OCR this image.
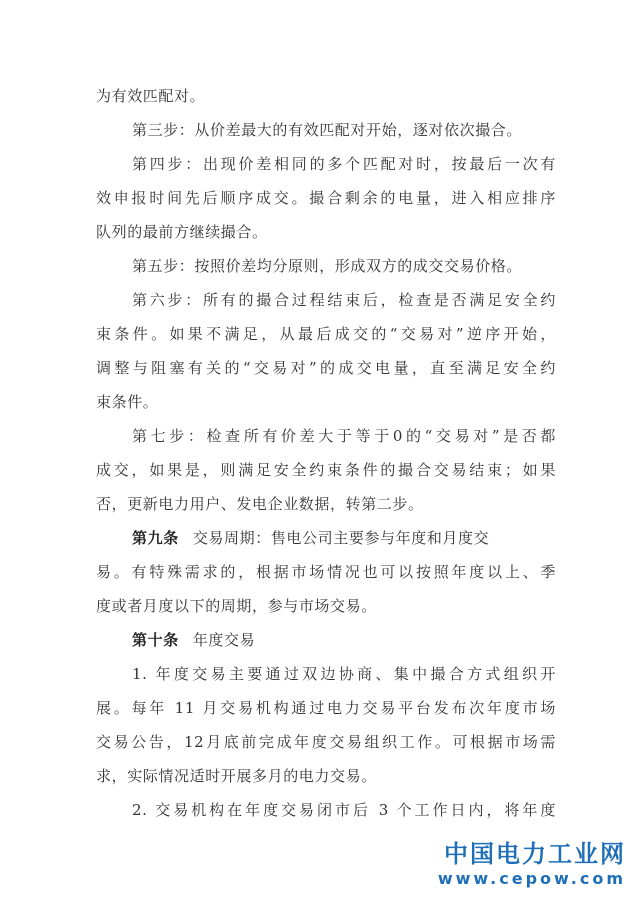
为有效匹配对。
第三步：从价差最大的有效匹配对开始，逐对依次撮合。
第四步：出现价差相同的多个匹配对时，按最后一次有
效申报时间先后顺序成交。撮合剩余的电量，进入相应排序
队列的最前方继续撮合。
第五步：按照价差均分原则，形成双方的成交交易价格。
第六步：所有的撮合过程结束后，检查是否满足安全约
束条件。如果不满足，从最后成交的“交易对”逆序开始，
调整与阻塞有关的“交易对”的成交电量，直至满足安全约
束条件。
第七步：检查所有价差大于等于0的“交易对”是否都
成交，如果是，则满足安全约束条件的撮合交易结束；如果
否，更新电力用户、发电企业数据，转第二步。
第九条 交易周期：售电公司主要参与年度和月度交
易。有特殊需求的，根据市场情况也可以按照年度以上、季
度或者月度以下的周期，参与市场交易。
第十条 年度交易
1. 年度交易主要通过双边协商、集中撮合方式组织开
展。每年 11 月交易机构通过电力交易平台发布次年度市场
交易公告，12月底前完成年度交易组织工作。可根据市场需
求，实际情况适时开展多月的电力交易。
2. 交易机构在年度交易闭市后 3 个工作日内，将年度
中国电力工业网
www.cepow.com
